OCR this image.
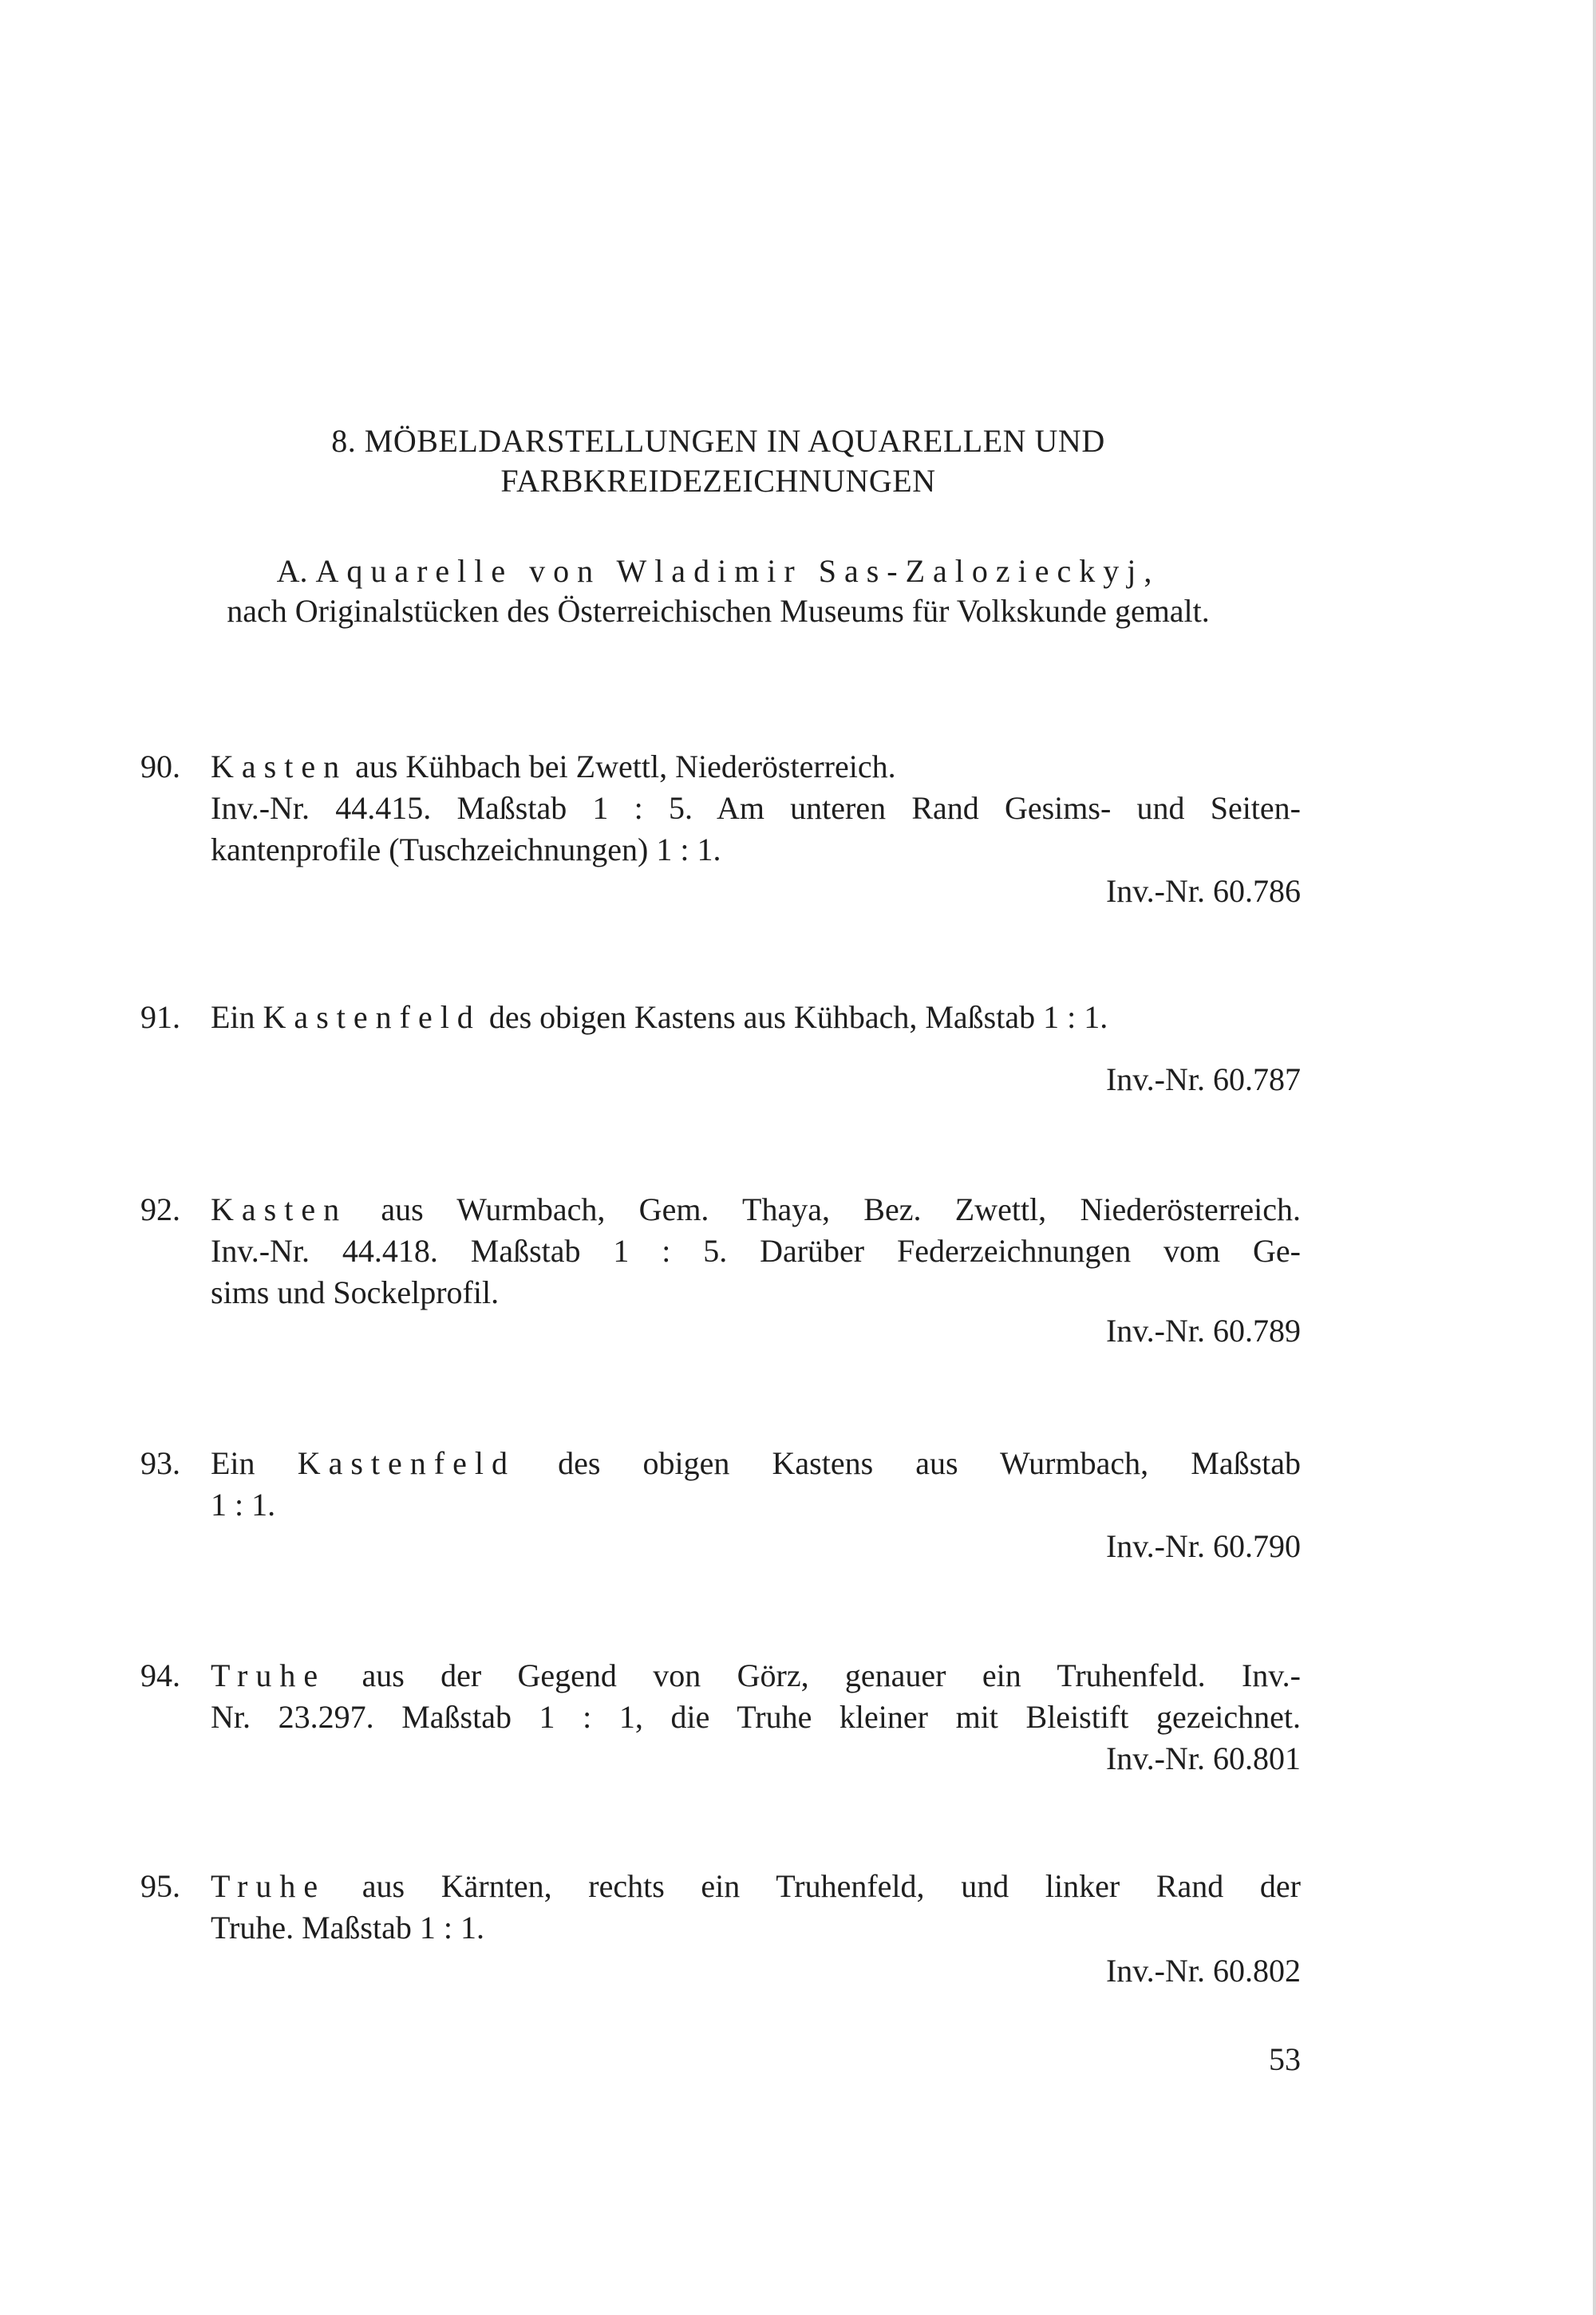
8. MÖBELDARSTELLUNGEN IN AQUARELLEN UND
FARBKREIDEZEICHNUNGEN
A. Aquarelle von Wladimir Sas-Zalozieckyj,
nach Originalstücken des Österreichischen Museums für Volkskunde gemalt.
90. Kasten aus Kühbach bei Zwettl, Niederösterreich.
Inv.-Nr. 44.415. Maßstab 1 : 5. Am unteren Rand Gesims- und Seiten-
kantenprofile (Tuschzeichnungen) 1 : 1.
Inv.-Nr. 60.786
91. Ein Kastenfeld des obigen Kastens aus Kühbach, Maßstab 1 : 1.
Inv.-Nr. 60.787
92. Kasten aus Wurmbach, Gem. Thaya, Bez. Zwettl, Niederösterreich.
Inv.-Nr. 44.418. Maßstab 1 : 5. Darüber Federzeichnungen vom Ge-
sims und Sockelprofil.
Inv.-Nr. 60.789
93. Ein Kastenfeld des obigen Kastens aus Wurmbach, Maßstab
1 : 1.
Inv.-Nr. 60.790
94. Truhe aus der Gegend von Görz, genauer ein Truhenfeld. Inv.-
Nr. 23.297. Maßstab 1 : 1, die Truhe kleiner mit Bleistift gezeichnet.
Inv.-Nr. 60.801
95. Truhe aus Kärnten, rechts ein Truhenfeld, und linker Rand der
Truhe. Maßstab 1 : 1.
Inv.-Nr. 60.802
53
